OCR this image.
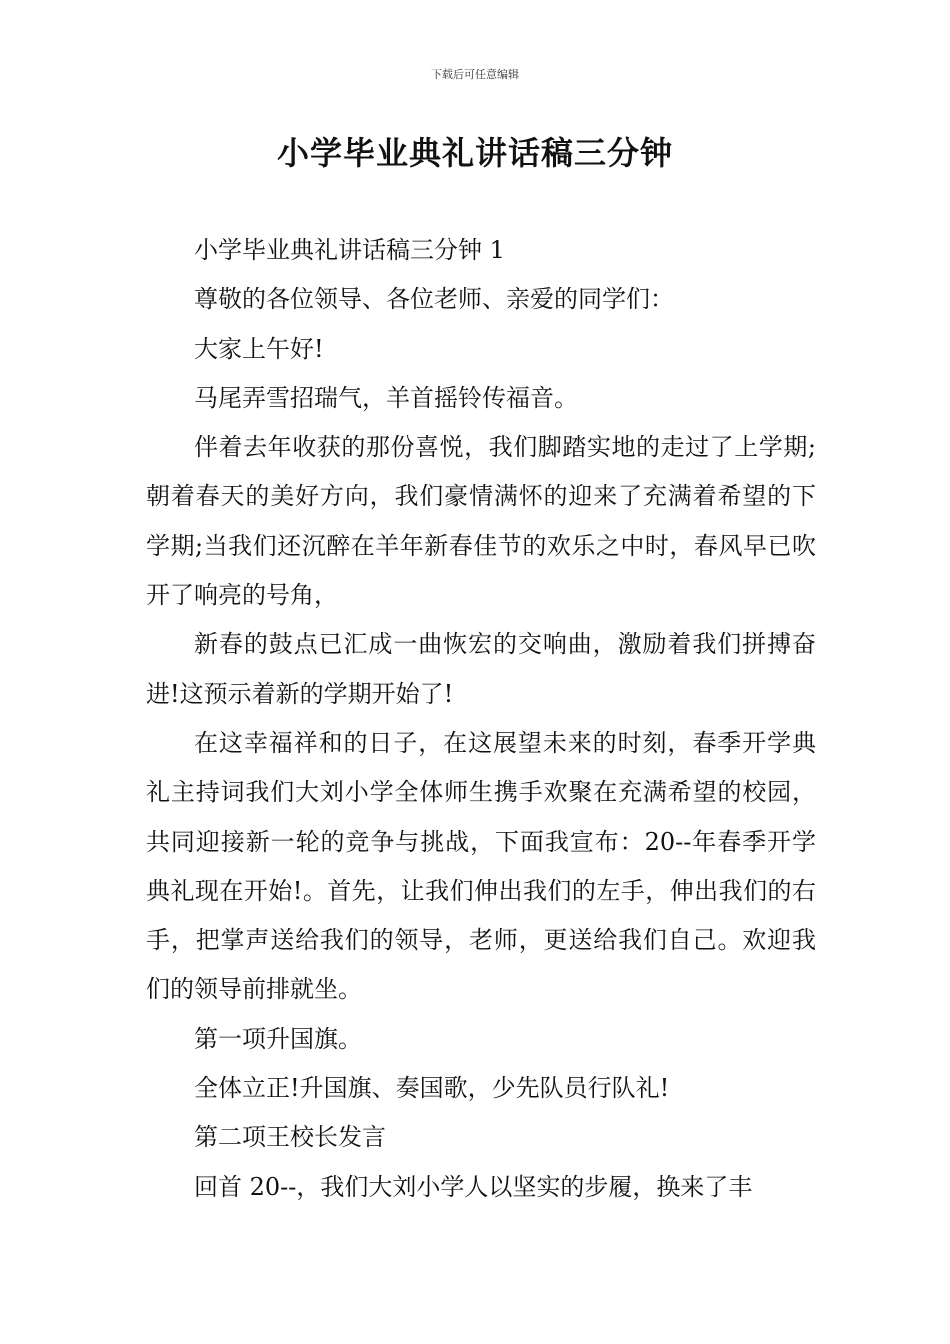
下载后可任意编辑
小学毕业典礼讲话稿三分钟

小学毕业典礼讲话稿三分钟 1

尊敬的各位领导、各位老师、亲爱的同学们：

大家上午好!

马尾弄雪招瑞气，羊首摇铃传福音。

伴着去年收获的那份喜悦，我们脚踏实地的走过了上学期;朝着春天的美好方向，我们豪情满怀的迎来了充满着希望的下学期;当我们还沉醉在羊年新春佳节的欢乐之中时，春风早已吹开了响亮的号角，

新春的鼓点已汇成一曲恢宏的交响曲，激励着我们拼搏奋进!这预示着新的学期开始了!

在这幸福祥和的日子，在这展望未来的时刻，春季开学典礼主持词我们大刘小学全体师生携手欢聚在充满希望的校园，共同迎接新一轮的竞争与挑战，下面我宣布：20--年春季开学典礼现在开始!。首先，让我们伸出我们的左手，伸出我们的右手，把掌声送给我们的领导，老师，更送给我们自己。欢迎我们的领导前排就坐。

第一项升国旗。

全体立正!升国旗、奏国歌，少先队员行队礼!

第二项王校长发言

回首 20--，我们大刘小学人以坚实的步履，换来了丰
